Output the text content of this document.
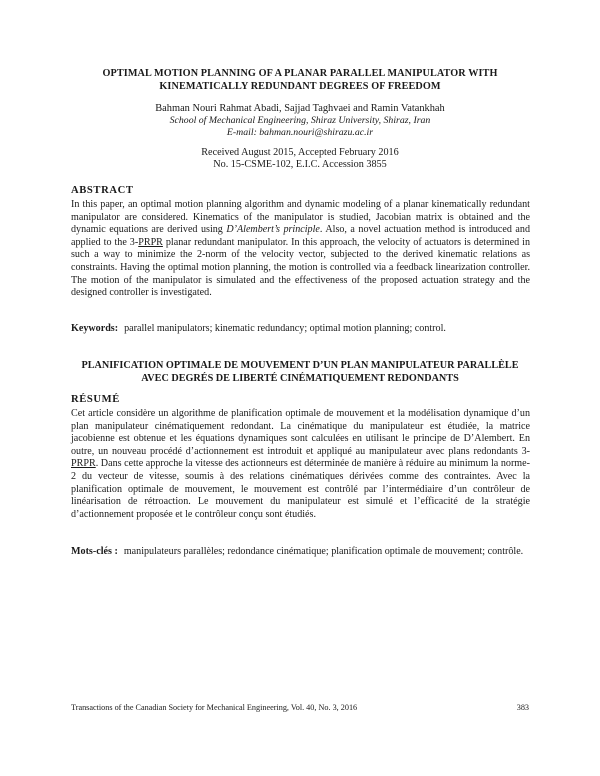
OPTIMAL MOTION PLANNING OF A PLANAR PARALLEL MANIPULATOR WITH
KINEMATICALLY REDUNDANT DEGREES OF FREEDOM
Bahman Nouri Rahmat Abadi, Sajjad Taghvaei and Ramin Vatankhah
School of Mechanical Engineering, Shiraz University, Shiraz, Iran
E-mail: bahman.nouri@shirazu.ac.ir
Received August 2015, Accepted February 2016
No. 15-CSME-102, E.I.C. Accession 3855
ABSTRACT
In this paper, an optimal motion planning algorithm and dynamic modeling of a planar kinematically redundant manipulator are considered. Kinematics of the manipulator is studied, Jacobian matrix is obtained and the dynamic equations are derived using D’Alembert’s principle. Also, a novel actuation method is introduced and applied to the 3-PRPR planar redundant manipulator. In this approach, the velocity of actuators is determined in such a way to minimize the 2-norm of the velocity vector, subjected to the derived kinematic relations as constraints. Having the optimal motion planning, the motion is controlled via a feedback linearization controller. The motion of the manipulator is simulated and the effectiveness of the proposed actuation strategy and the designed controller is investigated.
Keywords: parallel manipulators; kinematic redundancy; optimal motion planning; control.
PLANIFICATION OPTIMALE DE MOUVEMENT D’UN PLAN MANIPULATEUR PARALLÈLE
AVEC DEGRÉS DE LIBERTÉ CINÉMATIQUEMENT REDONDANTS
RÉSUMÉ
Cet article considère un algorithme de planification optimale de mouvement et la modélisation dynamique d’un plan manipulateur cinématiquement redondant. La cinématique du manipulateur est étudiée, la matrice jacobienne est obtenue et les équations dynamiques sont calculées en utilisant le principe de D’Alembert. En outre, un nouveau procédé d’actionnement est introduit et appliqué au manipulateur avec plans redondants 3-PRPR. Dans cette approche la vitesse des actionneurs est déterminée de manière à réduire au minimum la norme-2 du vecteur de vitesse, soumis à des relations cinématiques dérivées comme des contraintes. Avec la planification optimale de mouvement, le mouvement est contrôlé par l’intermédiaire d’un contrôleur de linéarisation de rétroaction. Le mouvement du manipulateur est simulé et l’efficacité de la stratégie d’actionnement proposée et le contrôleur conçu sont étudiés.
Mots-clés : manipulateurs parallèles; redondance cinématique; planification optimale de mouvement; contrôle.
Transactions of the Canadian Society for Mechanical Engineering, Vol. 40, No. 3, 2016	383
